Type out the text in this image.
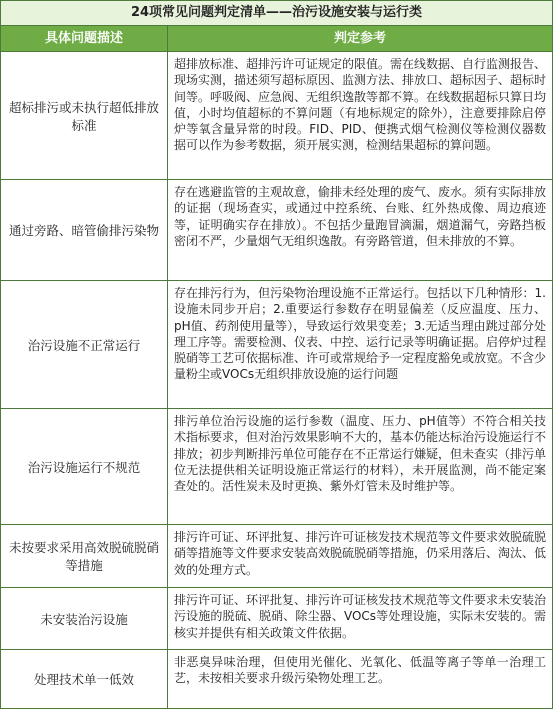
24项常见问题判定清单——治污设施安装与运行类
具体问题描述	判定参考
超标排污或未执行超低排放标准
超排放标准、超排污许可证规定的限值。需在线数据、自行监测报告、现场实测，描述须写超标原因、监测方法、排放口、超标因子、超标时间等。呼吸阀、应急阀、无组织逸散等都不算。在线数据超标只算日均值，小时均值超标的不算问题（有地标规定的除外），注意要排除启停炉等氧含量异常的时段。FID、PID、便携式烟气检测仪等检测仪器数据可以作为参考数据，须开展实测，检测结果超标的算问题。
通过旁路、暗管偷排污染物
存在逃避监管的主观故意，偷排未经处理的废气、废水。须有实际排放的证据（现场查实，或通过中控系统、台账、红外热成像、周边痕迹等，证明确实存在排放）。不包括少量跑冒滴漏，烟道漏气，旁路挡板密闭不严，少量烟气无组织逸散。有旁路管道，但未排放的不算。
治污设施不正常运行
存在排污行为，但污染物治理设施不正常运行。包括以下几种情形：1.设施未同步开启；2.重要运行参数存在明显偏差（反应温度、压力、pH值、药剂使用量等），导致运行效果变差；3.无适当理由跳过部分处理工序等。需要检测、仪表、中控、运行记录等明确证据。启停炉过程脱硝等工艺可依据标准、许可或常规给予一定程度豁免或放宽。不含少量粉尘或VOCs无组织排放设施的运行问题
治污设施运行不规范
排污单位治污设施的运行参数（温度、压力、pH值等）不符合相关技术指标要求，但对治污效果影响不大的，基本仍能达标治污设施运行不 排放；初步判断排污单位可能存在不正常运行嫌疑，但未查实（排污单位无法提供相关证明设施正常运行的材料），未开展监测，尚不能定案查处的。活性炭未及时更换、紫外灯管未及时维护等。
未按要求采用高效脱硫脱硝等措施
排污许可证、环评批复、排污许可证核发技术规范等文件要求效脱硫脱硝等措施等文件要求安装高效脱硫脱硝等措施，仍采用落后、淘汰、低效的处理方式。
未安装治污设施
排污许可证、环评批复、排污许可证核发技术规范等文件要求未安装治污设施的脱硫、脱硝、除尘器、VOCs等处理设施，实际未安装的。需核实并提供有相关政策文件依据。
处理技术单一低效
非恶臭异味治理，但使用光催化、光氧化、低温等离子等单一治理工艺，未按相关要求升级污染物处理工艺。
